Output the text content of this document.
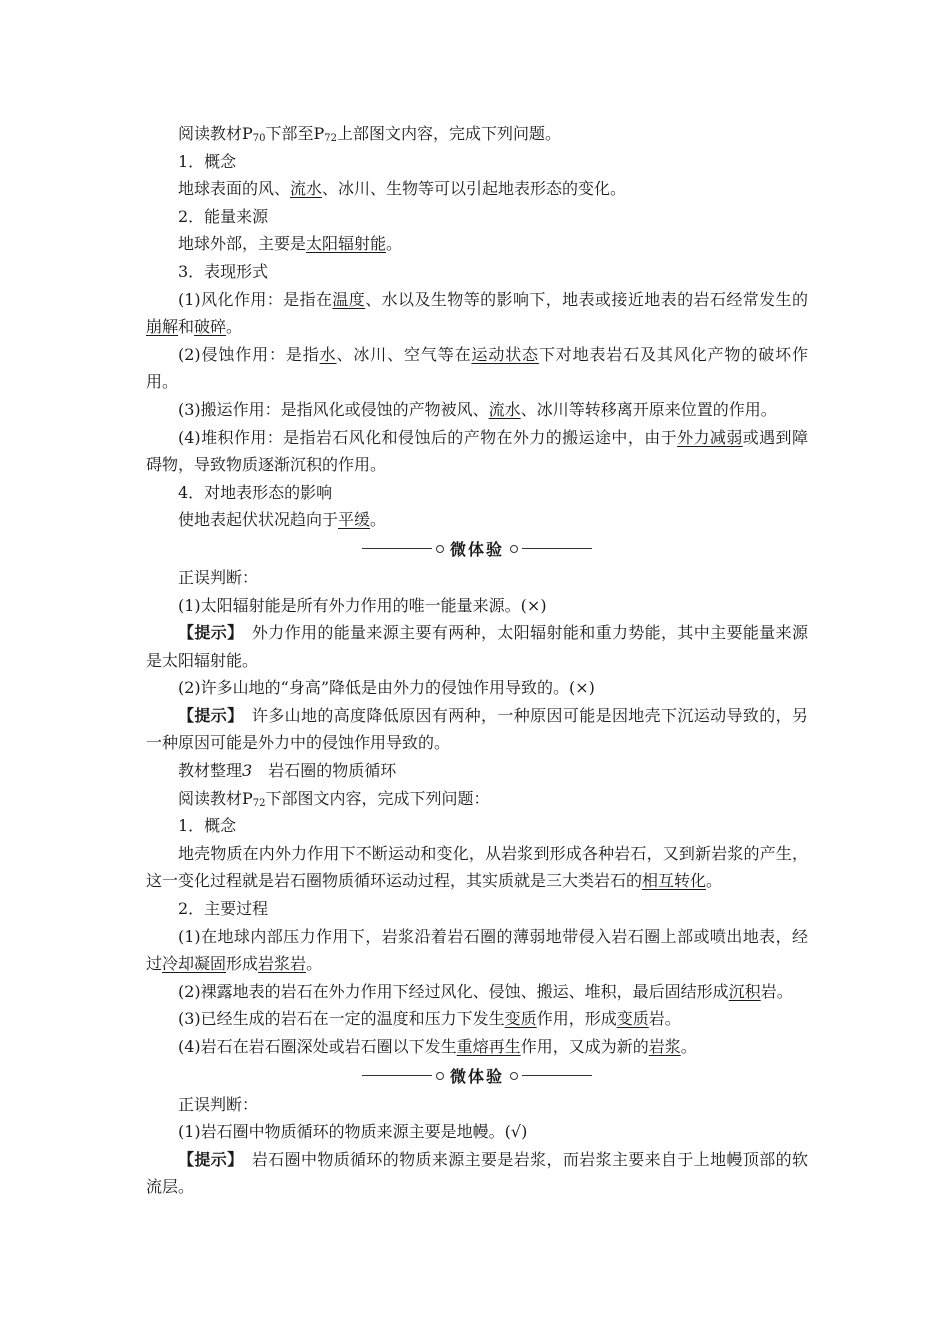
阅读教材$P_{70}$下部至$P_{72}$上部图文内容，完成下列问题。

1．概念

地球表面的风、流水、冰川、生物等可以引起地表形态的变化。

2．能量来源

地球外部，主要是太阳辐射能。

3．表现形式

(1)风化作用：是指在温度、水以及生物等的影响下，地表或接近地表的岩石经常发生的崩解和破碎。

(2)侵蚀作用：是指水、冰川、空气等在运动状态下对地表岩石及其风化产物的破坏作用。

(3)搬运作用：是指风化或侵蚀的产物被风、流水、冰川等转移离开原来位置的作用。

(4)堆积作用：是指岩石风化和侵蚀后的产物在外力的搬运途中，由于外力减弱或遇到障碍物，导致物质逐渐沉积的作用。

4．对地表形态的影响

使地表起伏状况趋向于平缓。

微体验

正误判断：

(1)太阳辐射能是所有外力作用的唯一能量来源。(×)

【提示】　外力作用的能量来源主要有两种，太阳辐射能和重力势能，其中主要能量来源是太阳辐射能。

(2)许多山地的“身高”降低是由外力的侵蚀作用导致的。(×)

【提示】　许多山地的高度降低原因有两种，一种原因可能是因地壳下沉运动导致的，另一种原因可能是外力中的侵蚀作用导致的。

教材整理3　岩石圈的物质循环

阅读教材$P_{72}$下部图文内容，完成下列问题：

1．概念

地壳物质在内外力作用下不断运动和变化，从岩浆到形成各种岩石，又到新岩浆的产生，这一变化过程就是岩石圈物质循环运动过程，其实质就是三大类岩石的相互转化。

2．主要过程

(1)在地球内部压力作用下，岩浆沿着岩石圈的薄弱地带侵入岩石圈上部或喷出地表，经过冷却凝固形成岩浆岩。

(2)裸露地表的岩石在外力作用下经过风化、侵蚀、搬运、堆积，最后固结形成沉积岩。

(3)已经生成的岩石在一定的温度和压力下发生变质作用，形成变质岩。

(4)岩石在岩石圈深处或岩石圈以下发生重熔再生作用，又成为新的岩浆。

微体验

正误判断：

(1)岩石圈中物质循环的物质来源主要是地幔。(√)

【提示】　岩石圈中物质循环的物质来源主要是岩浆，而岩浆主要来自于上地幔顶部的软流层。
